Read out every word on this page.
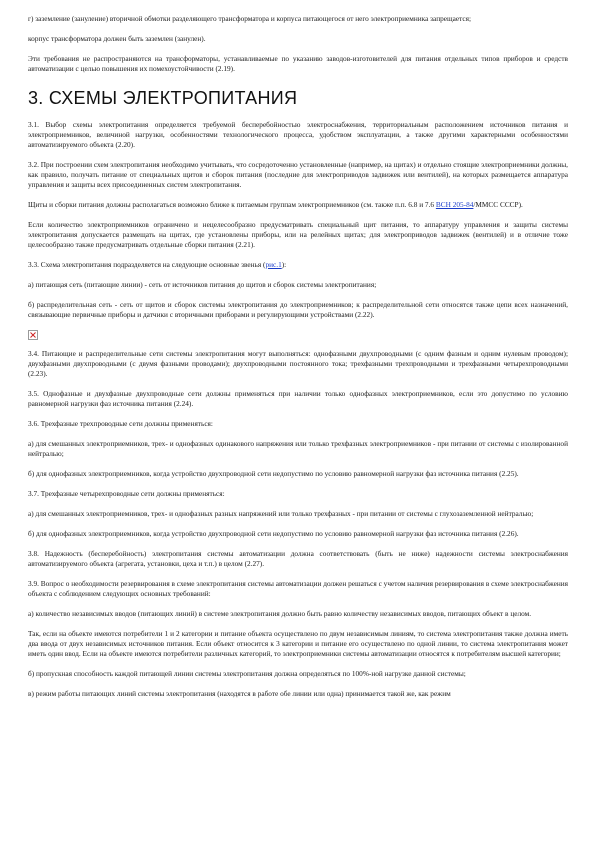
г) заземление (зануление) вторичной обмотки разделяющего трансформатора и корпуса питающегося от него электроприемника запрещается;

корпус трансформатора должен быть заземлен (занулен).

Эти требования не распространяются на трансформаторы, устанавливаемые по указанию заводов-изготовителей для питания отдельных типов приборов и средств автоматизации с целью повышения их помехоустойчивости (2.19).

3. СХЕМЫ ЭЛЕКТРОПИТАНИЯ

3.1. Выбор схемы электропитания определяется требуемой бесперебойностью электроснабжения, территориальным расположением источников питания и электроприемников, величиной нагрузки, особенностями технологического процесса, удобством эксплуатации, а также другими характерными особенностями автоматизируемого объекта (2.20).

3.2. При построении схем электропитания необходимо учитывать, что сосредоточенно установленные (например, на щитах) и отдельно стоящие электроприемники должны, как правило, получать питание от специальных щитов и сборок питания (последние для электроприводов задвижек или вентилей), на которых размещается аппаратура управления и защиты всех присоединенных систем электропитания.

Щиты и сборки питания должны располагаться возможно ближе к питаемым группам электроприемников (см. также п.п. 6.8 и 7.6 ВСН 205-84/ММСС СССР).

Если количество электроприемников ограничено и нецелесообразно предусматривать специальный щит питания, то аппаратуру управления и защиты системы электропитания допускается размещать на щитах, где установлены приборы, или на релейных щитах; для электроприводов задвижек (вентилей) и в отличие тоже целесообразно также предусматривать отдельные сборки питания (2.21).

3.3. Схема электропитания подразделяется на следующие основные звенья (рис.1):

а) питающая сеть (питающие линии) - сеть от источников питания до щитов и сборок системы электропитания;

б) распределительная сеть - сеть от щитов и сборок системы электропитания до электроприемников; к распределительной сети относятся также цепи всех назначений, связывающие первичные приборы и датчики с вторичными приборами и регулирующими устройствами (2.22).

3.4. Питающие и распределительные сети системы электропитания могут выполняться: однофазными двухпроводными (с одним фазным и одним нулевым проводом); двухфазными двухпроводными (с двумя фазными проводами); двухпроводными постоянного тока; трехфазными трехпроводными и трехфазными четырехпроводными (2.23).

3.5. Однофазные и двухфазные двухпроводные сети должны применяться при наличии только однофазных электроприемников, если это допустимо по условию равномерной нагрузки фаз источника питания (2.24).

3.6. Трехфазные трехпроводные сети должны применяться:

а) для смешанных электроприемников, трех- и однофазных одинакового напряжения или только трехфазных электроприемников - при питании от системы с изолированной нейтралью;

б) для однофазных электроприемников, когда устройство двухпроводной сети недопустимо по условию равномерной нагрузки фаз источника питания (2.25).

3.7. Трехфазные четырехпроводные сети должны применяться:

а) для смешанных электроприемников, трех- и однофазных разных напряжений или только трехфазных - при питании от системы с глухозаземленной нейтралью;

б) для однофазных электроприемников, когда устройство двухпроводной сети недопустимо по условию равномерной нагрузки фаз источника питания (2.26).

3.8. Надежность (бесперебойность) электропитания системы автоматизации должна соответствовать (быть не ниже) надежности системы электроснабжения автоматизируемого объекта (агрегата, установки, цеха и т.п.) в целом (2.27).

3.9. Вопрос о необходимости резервирования в схеме электропитания системы автоматизации должен решаться с учетом наличия резервирования в схеме электроснабжения объекта с соблюдением следующих основных требований:

а) количество независимых вводов (питающих линий) в системе электропитания должно быть равно количеству независимых вводов, питающих объект в целом.

Так, если на объекте имеются потребители 1 и 2 категории и питание объекта осуществлено по двум независимым линиям, то система электропитания также должна иметь два ввода от двух независимых источников питания. Если объект относится к 3 категории и питание его осуществлено по одной линии, то система электропитания может иметь один ввод. Если на объекте имеются потребители различных категорий, то электроприемники системы автоматизации относятся к потребителям высшей категории;

б) пропускная способность каждой питающей линии системы электропитания должна определяться по 100%-ной нагрузке данной системы;

в) режим работы питающих линий системы электропитания (находятся в работе обе линии или одна) принимается такой же, как режим
